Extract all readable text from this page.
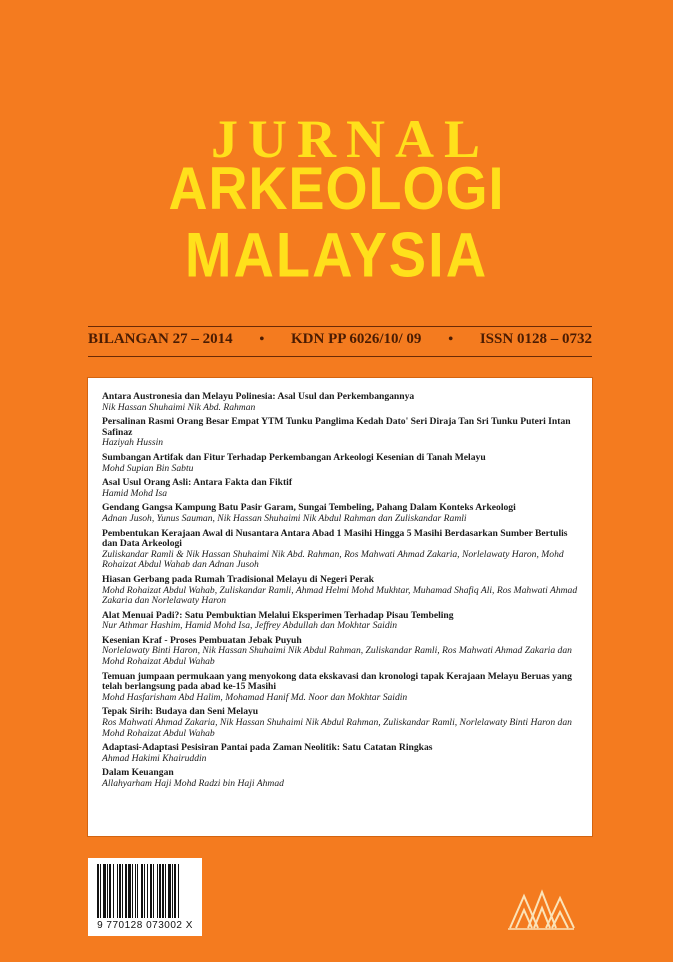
JURNAL
ARKEOLOGI
MALAYSIA
BILANGAN 27 – 2014 • KDN PP 6026/10/ 09 • ISSN 0128 – 0732
Antara Austronesia dan Melayu Polinesia: Asal Usul dan Perkembangannya
Nik Hassan Shuhaimi Nik Abd. Rahman
Persalinan Rasmi Orang Besar Empat YTM Tunku Panglima Kedah Dato' Seri Diraja Tan Sri Tunku Puteri Intan Safinaz
Haziyah Hussin
Sumbangan Artifak dan Fitur Terhadap Perkembangan Arkeologi Kesenian di Tanah Melayu
Mohd Supian Bin Sabtu
Asal Usul Orang Asli: Antara Fakta dan Fiktif
Hamid Mohd Isa
Gendang Gangsa Kampung Batu Pasir Garam, Sungai Tembeling, Pahang Dalam Konteks Arkeologi
Adnan Jusoh, Yunus Sauman, Nik Hassan Shuhaimi Nik Abdul Rahman dan Zuliskandar Ramli
Pembentukan Kerajaan Awal di Nusantara Antara Abad 1 Masihi Hingga 5 Masihi Berdasarkan Sumber Bertulis dan Data Arkeologi
Zuliskandar Ramli & Nik Hassan Shuhaimi Nik Abd. Rahman, Ros Mahwati Ahmad Zakaria, Norlelawaty Haron, Mohd Rohaizat Abdul Wahab dan Adnan Jusoh
Hiasan Gerbang pada Rumah Tradisional Melayu di Negeri Perak
Mohd Rohaizat Abdul Wahab, Zuliskandar Ramli, Ahmad Helmi Mohd Mukhtar, Muhamad Shafiq Ali, Ros Mahwati Ahmad Zakaria dan Norlelawaty Haron
Alat Menuai Padi?: Satu Pembuktian Melalui Eksperimen Terhadap Pisau Tembeling
Nur Athmar Hashim, Hamid Mohd Isa, Jeffrey Abdullah dan Mokhtar Saidin
Kesenian Kraf - Proses Pembuatan Jebak Puyuh
Norlelawaty Binti Haron, Nik Hassan Shuhaimi Nik Abdul Rahman, Zuliskandar Ramli, Ros Mahwati Ahmad Zakaria dan Mohd Rohaizat Abdul Wahab
Temuan jumpaan permukaan yang menyokong data ekskavasi dan kronologi tapak Kerajaan Melayu Beruas yang telah berlangsung pada abad ke-15 Masihi
Mohd Hasfarisham Abd Halim, Mohamad Hanif Md. Noor dan Mokhtar Saidin
Tepak Sirih: Budaya dan Seni Melayu
Ros Mahwati Ahmad Zakaria, Nik Hassan Shuhaimi Nik Abdul Rahman, Zuliskandar Ramli, Norlelawaty Binti Haron dan Mohd Rohaizat Abdul Wahab
Adaptasi-Adaptasi Pesisiran Pantai pada Zaman Neolitik: Satu Catatan Ringkas
Ahmad Hakimi Khairuddin
Dalam Keuangan
Allahyarham Haji Mohd Radzi bin Haji Ahmad
9 770128 073002 X
